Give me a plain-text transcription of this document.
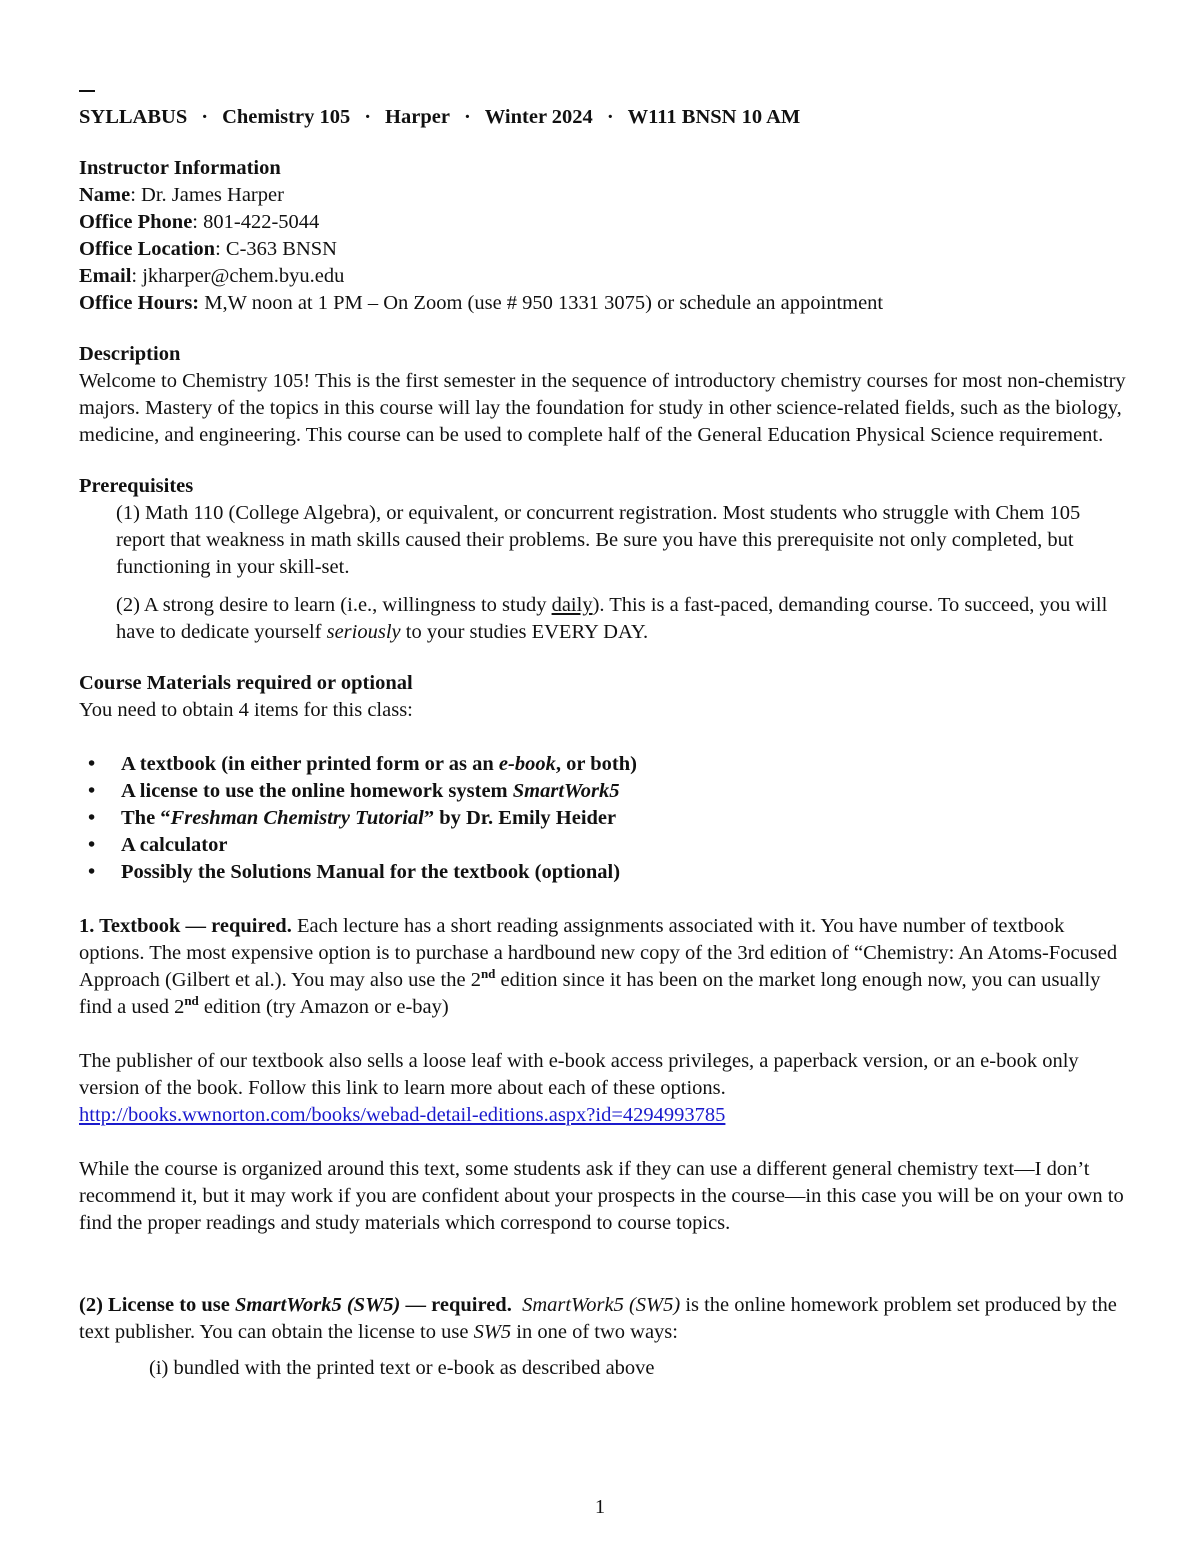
SYLLABUS · Chemistry 105 · Harper · Winter 2024 · W111 BNSN 10 AM

Instructor Information

Name: Dr. James Harper

Office Phone: 801-422-5044

Office Location: C-363 BNSN

Email: jkharper@chem.byu.edu

Office Hours: M,W noon at 1 PM – On Zoom (use # 950 1331 3075) or schedule an appointment

Description

Welcome to Chemistry 105! This is the first semester in the sequence of introductory chemistry courses for most non-chemistry majors. Mastery of the topics in this course will lay the foundation for study in other science-related fields, such as the biology, medicine, and engineering. This course can be used to complete half of the General Education Physical Science requirement.

Prerequisites

(1) Math 110 (College Algebra), or equivalent, or concurrent registration. Most students who struggle with Chem 105 report that weakness in math skills caused their problems. Be sure you have this prerequisite not only completed, but functioning in your skill-set.

(2) A strong desire to learn (i.e., willingness to study daily). This is a fast-paced, demanding course. To succeed, you will have to dedicate yourself seriously to your studies EVERY DAY.

Course Materials required or optional

You need to obtain 4 items for this class:

• A textbook (in either printed form or as an e-book, or both)
• A license to use the online homework system SmartWork5
• The “Freshman Chemistry Tutorial” by Dr. Emily Heider
• A calculator
• Possibly the Solutions Manual for the textbook (optional)

1. Textbook — required. Each lecture has a short reading assignments associated with it. You have number of textbook options. The most expensive option is to purchase a hardbound new copy of the 3rd edition of “Chemistry: An Atoms-Focused Approach (Gilbert et al.). You may also use the 2nd edition since it has been on the market long enough now, you can usually find a used 2nd edition (try Amazon or e-bay)

The publisher of our textbook also sells a loose leaf with e-book access privileges, a paperback version, or an e-book only version of the book. Follow this link to learn more about each of these options.
http://books.wwnorton.com/books/webad-detail-editions.aspx?id=4294993785

While the course is organized around this text, some students ask if they can use a different general chemistry text—I don’t recommend it, but it may work if you are confident about your prospects in the course—in this case you will be on your own to find the proper readings and study materials which correspond to course topics.

(2) License to use SmartWork5 (SW5) — required. SmartWork5 (SW5) is the online homework problem set produced by the text publisher. You can obtain the license to use SW5 in one of two ways:

(i) bundled with the printed text or e-book as described above

1
